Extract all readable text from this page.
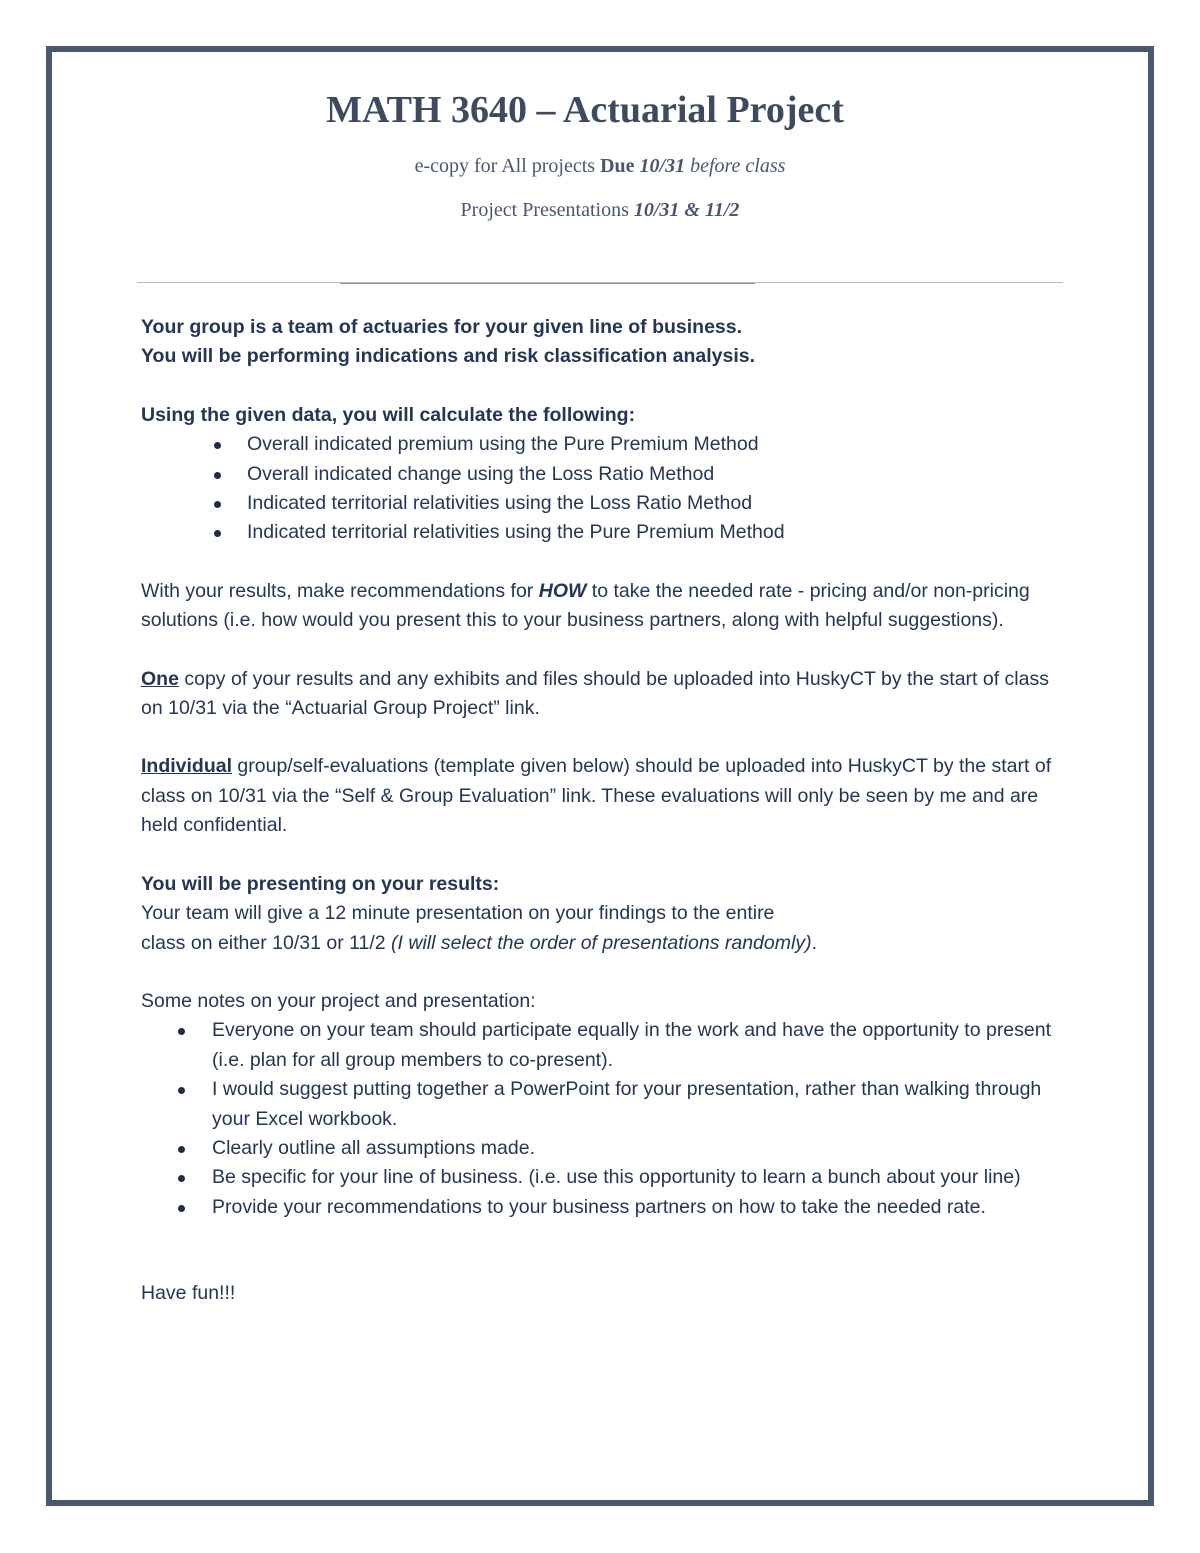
MATH 3640 – Actuarial Project
e-copy for All projects Due 10/31 before class
Project Presentations 10/31 & 11/2

Your group is a team of actuaries for your given line of business.

You will be performing indications and risk classification analysis.

Using the given data, you will calculate the following:

Overall indicated premium using the Pure Premium Method
Overall indicated change using the Loss Ratio Method
Indicated territorial relativities using the Loss Ratio Method
Indicated territorial relativities using the Pure Premium Method

With your results, make recommendations for HOW to take the needed rate - pricing and/or non-pricing solutions (i.e. how would you present this to your business partners, along with helpful suggestions).

One copy of your results and any exhibits and files should be uploaded into HuskyCT by the start of class on 10/31 via the “Actuarial Group Project” link.

Individual group/self-evaluations (template given below) should be uploaded into HuskyCT by the start of class on 10/31 via the “Self & Group Evaluation” link. These evaluations will only be seen by me and are held confidential.

You will be presenting on your results:

Your team will give a 12 minute presentation on your findings to the entire

class on either 10/31 or 11/2 (I will select the order of presentations randomly).

Some notes on your project and presentation:

Everyone on your team should participate equally in the work and have the opportunity to present (i.e. plan for all group members to co-present).
I would suggest putting together a PowerPoint for your presentation, rather than walking through your Excel workbook.
Clearly outline all assumptions made.
Be specific for your line of business. (i.e. use this opportunity to learn a bunch about your line)
Provide your recommendations to your business partners on how to take the needed rate.

Have fun!!!
